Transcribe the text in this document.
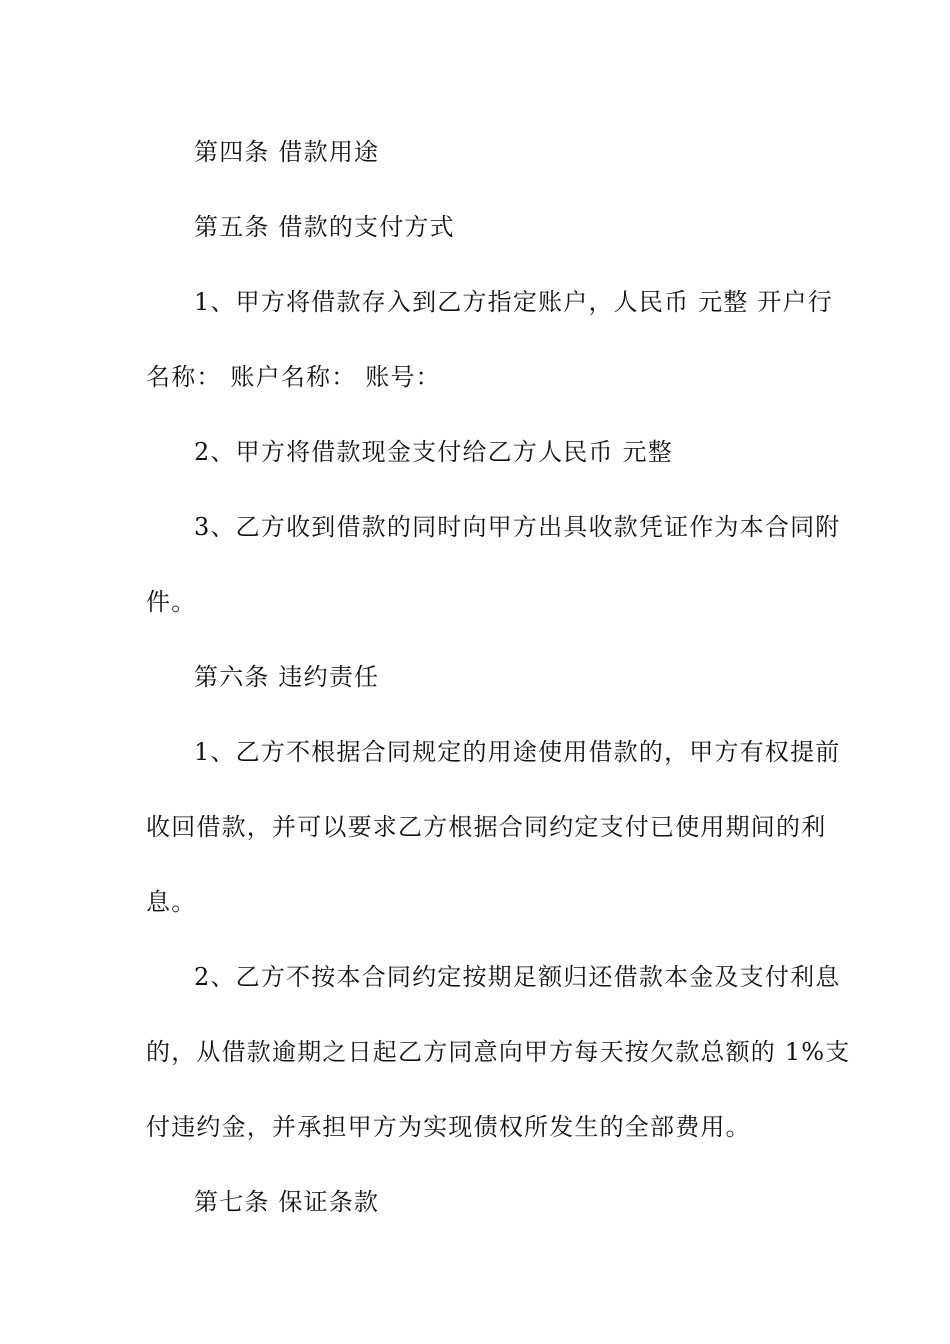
第四条 借款用途
第五条 借款的支付方式
1、甲方将借款存入到乙方指定账户，人民币 元整 开户行
名称： 账户名称： 账号：
2、甲方将借款现金支付给乙方人民币 元整
3、乙方收到借款的同时向甲方出具收款凭证作为本合同附
件。
第六条 违约责任
1、乙方不根据合同规定的用途使用借款的，甲方有权提前
收回借款，并可以要求乙方根据合同约定支付已使用期间的利
息。
2、乙方不按本合同约定按期足额归还借款本金及支付利息
的，从借款逾期之日起乙方同意向甲方每天按欠款总额的 1%支
付违约金，并承担甲方为实现债权所发生的全部费用。
第七条 保证条款
